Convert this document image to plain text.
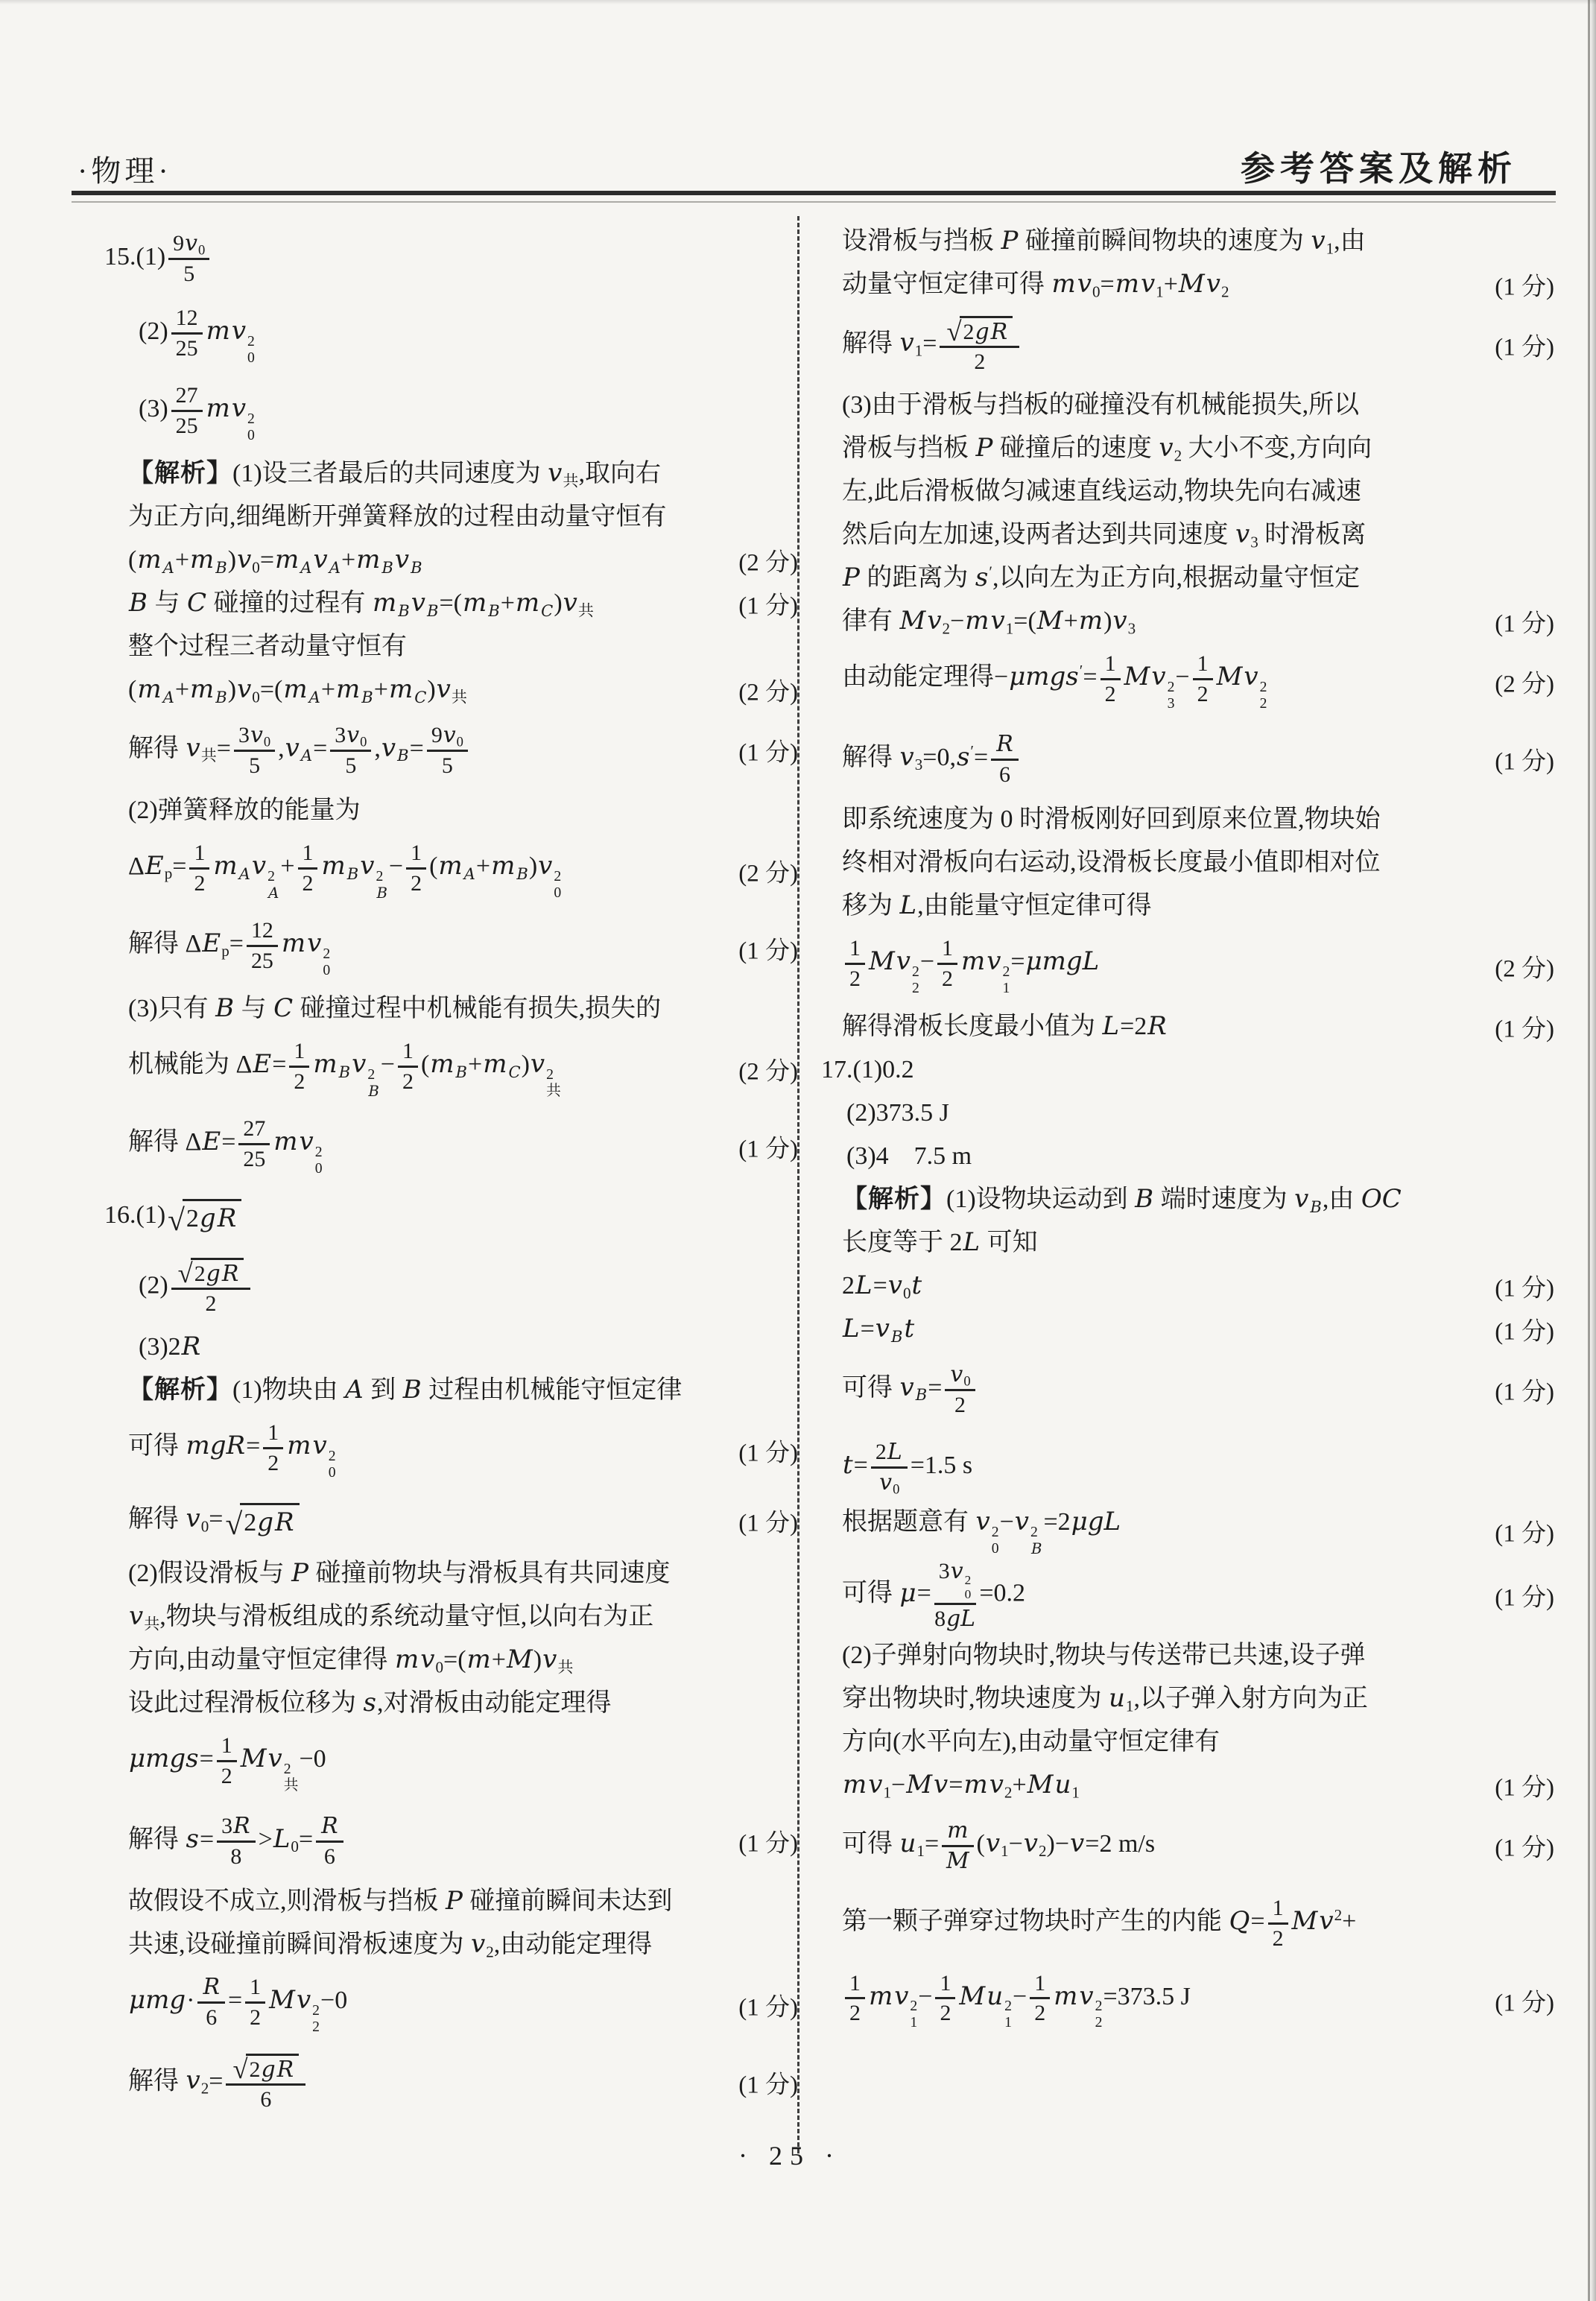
·物理·	参考答案及解析
$15.(1) \frac{9v_0}{5}$
$(2) \frac{12}{25}$ mv 2
0
$(3) \frac{27}{25}$ mv 2
0
【解析】(1)设三者最后的共同速度为 $v_共$,取向右
为正方向,细绳断开弹簧释放的过程由动量守恒有
$(m_A+m_B)v_0=m_Av_A+m_Bv_B$	(2 分)
B 与 C 碰撞的过程有 $m_Bv_B=(m_B+m_C)v_共$	(1 分)
整个过程三者动量守恒有
$(m_A+m_B)v_0=(m_A+m_B+m_C)v_共$	(2 分)
解得 $v_共= \frac{3v_0}{5} ,v_A= \frac{3v_0}{5} ,v_B= \frac{9v_0}{5}$	(1 分)
(2)弹簧释放的能量为
$\Delta E_p= \frac{1}{2} m_Av$ 2
A
+ $\frac{1}{2} m_Bv$ 2
B
− $\frac{1}{2} (m_A+m_B)v$ 2
0
(2 分)
解得 $\Delta E_p= \frac{12}{25}$ mv 2
0
(1 分)
(3)只有 B 与 C 碰撞过程中机械能有损失,损失的
机械能为 $\Delta E= \frac{1}{2} m_Bv$ 2
B
− $\frac{1}{2} (m_B+m_C)v$ 2
共
(2 分)
解得 $\Delta E= \frac{27}{25}$ mv 2
0
(1 分)
16.(1) √ 2gR
$(2) \frac{√ 2gR}{2}$
(3)2R
【解析】(1)物块由 A 到 B 过程由机械能守恒定律
可得 $mgR= \frac{1}{2}$ mv 2
0
(1 分)
解得 $v_0=$ √ 2gR	(1 分)
(2)假设滑板与 P 碰撞前物块与滑板具有共同速度
$v_共$,物块与滑板组成的系统动量守恒,以向右为正
方向,由动量守恒定律得 $mv_0=(m+M)v_共$
设此过程滑板位移为 s,对滑板由动能定理得
$\mu mgs= \frac{1}{2}$ Mv 2
共
−0
解得 $s= \frac{3R}{8} >L_0= \frac{R}{6}$	(1 分)
故假设不成立,则滑板与挡板 P 碰撞前瞬间未达到
共速,设碰撞前瞬间滑板速度为 $v_2$,由动能定理得
$\mu mg\cdot \frac{R}{6} = \frac{1}{2}$ Mv 2
2
−0	(1 分)
解得 $v_2= \frac{√ 2gR}{6}$	(1 分)
设滑板与挡板 P 碰撞前瞬间物块的速度为 $v_1$,由
动量守恒定律可得 $mv_0=mv_1+Mv_2$	(1 分)
解得 $v_1= \frac{√ 2gR}{2}$	(1 分)
(3)由于滑板与挡板的碰撞没有机械能损失,所以
滑板与挡板 P 碰撞后的速度 $v_2$ 大小不变,方向向
左,此后滑板做匀减速直线运动,物块先向右减速
然后向左加速,设两者达到共同速度 $v_3$ 时滑板离
P 的距离为 s′,以向左为正方向,根据动量守恒定
律有 $Mv_2-mv_1=(M+m)v_3$	(1 分)
由动能定理得$-\mu mgs'= \frac{1}{2}$ Mv 2
3
− $\frac{1}{2}$ Mv 2
2
(2 分)
解得 $v_3=0,s'= \frac{R}{6}$	(1 分)
即系统速度为 0 时滑板刚好回到原来位置,物块始
终相对滑板向右运动,设滑板长度最小值即相对位
移为 L,由能量守恒定律可得
$\frac{1}{2}$ Mv 2
2
− $\frac{1}{2}$ mv 2
1
=μmgL	(2 分)
解得滑板长度最小值为 L=2R	(1 分)
17.(1)0.2
(2)373.5 J
(3)4　7.5 m
【解析】(1)设物块运动到 B 端时速度为 $v_B$,由 OC
长度等于 2L 可知
$2L=v_0t$	(1 分)
$L=v_Bt$	(1 分)
可得 $v_B= \frac{v_0}{2}$	(1 分)
$t= \frac{2L}{v_0} =1.5$ s
根据题意有 v 2
0
−v 2
B
=2μgL	(1 分)
可得 μ= 3v 2
0
8gL =0.2	(1 分)
(2)子弹射向物块时,物块与传送带已共速,设子弹
穿出物块时,物块速度为 $u_1$,以子弹入射方向为正
方向(水平向左),由动量守恒定律有
$mv_1-Mv=mv_2+Mu_1$	(1 分)
可得 $u_1= \frac{m}{M} (v_1-v_2)-v=2$ m/s	(1 分)
第一颗子弹穿过物块时产生的内能 $Q= \frac{1}{2} Mv^2+$
$\frac{1}{2}$ mv 2
1
− $\frac{1}{2}$ Mu 2
1
− $\frac{1}{2}$ mv 2
2
=373.5 J	(1 分)
· 25 ·
